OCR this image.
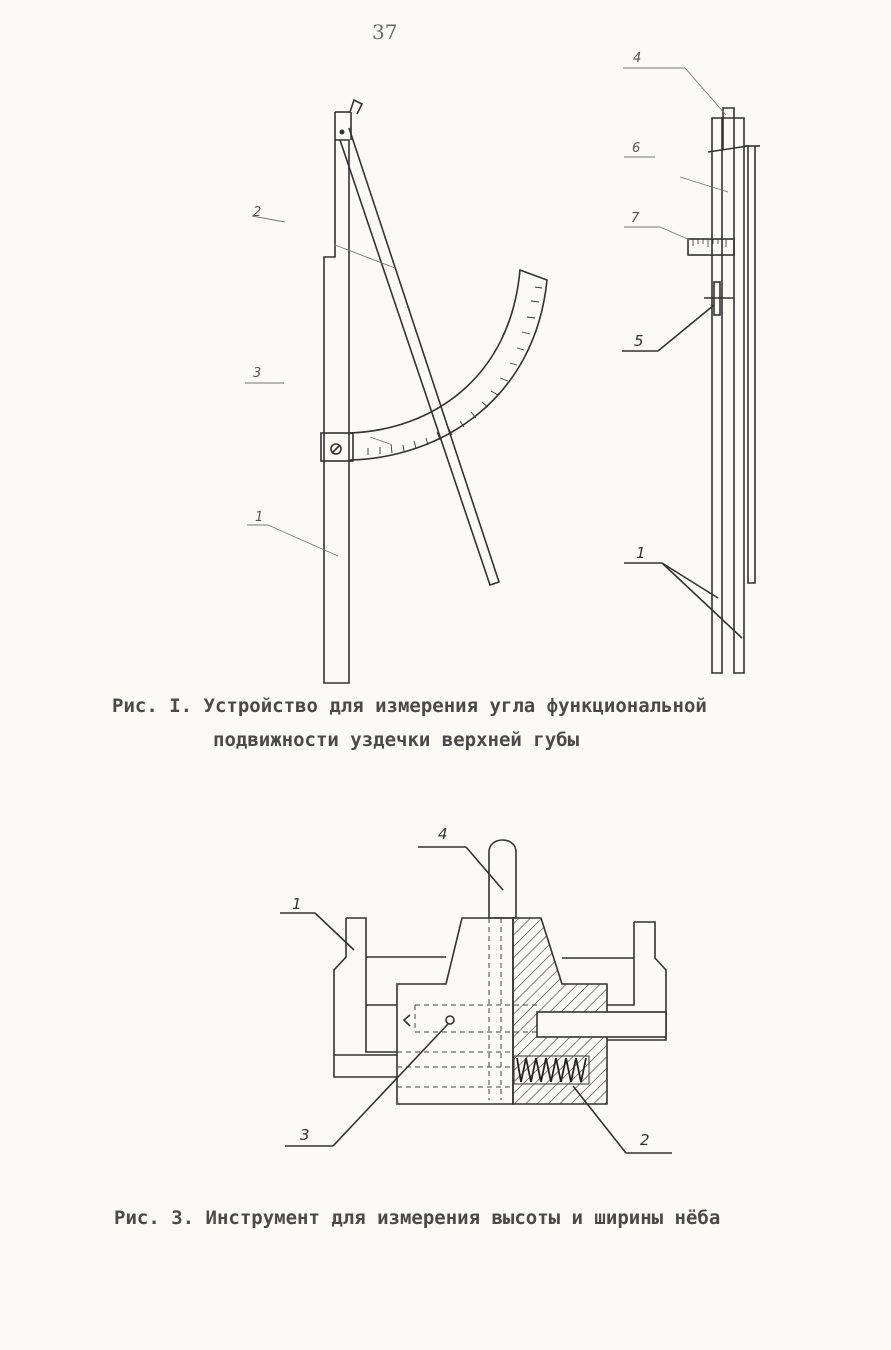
37
2
3
1
4
6
7
5
1
Рис. I. Устройство для измерения угла функциональной
подвижности уздечки верхней губы
4
1
3	2
Рис. 3. Инструмент для измерения высоты и ширины нёба
